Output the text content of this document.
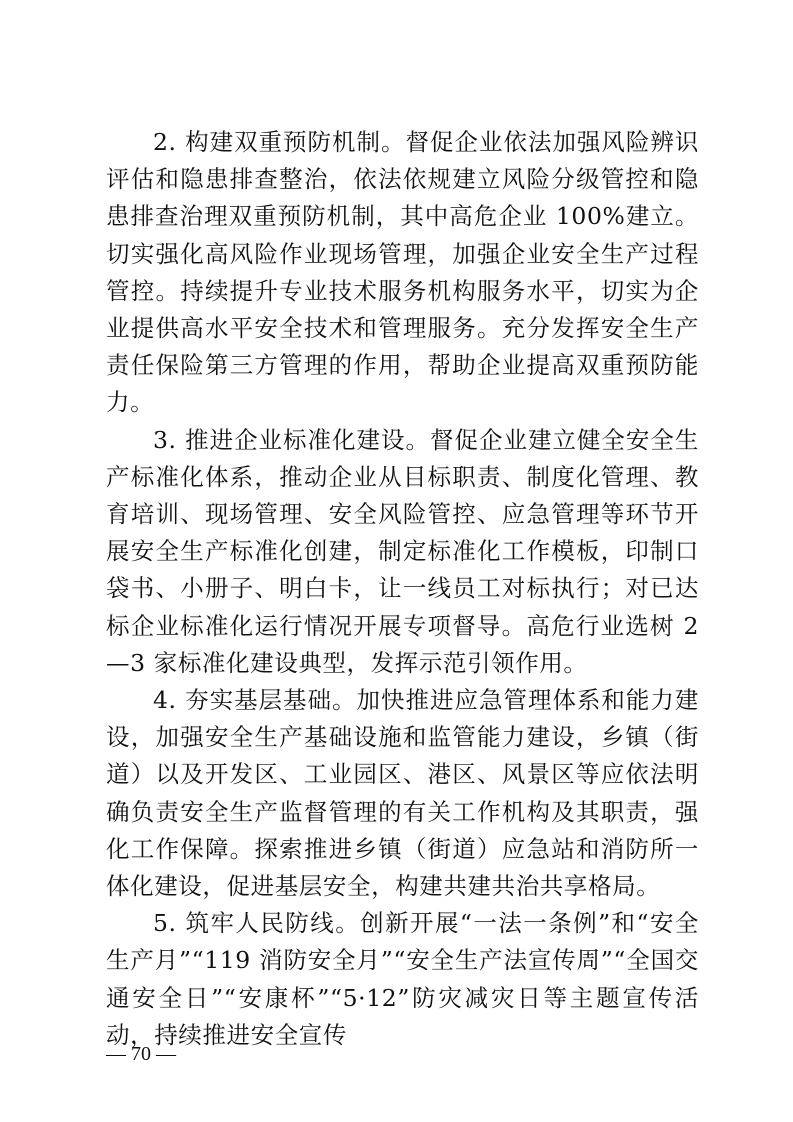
2. 构建双重预防机制。督促企业依法加强风险辨识评估和隐患排查整治，依法依规建立风险分级管控和隐患排查治理双重预防机制，其中高危企业 100%建立。切实强化高风险作业现场管理，加强企业安全生产过程管控。持续提升专业技术服务机构服务水平，切实为企业提供高水平安全技术和管理服务。充分发挥安全生产责任保险第三方管理的作用，帮助企业提高双重预防能力。

3. 推进企业标准化建设。督促企业建立健全安全生产标准化体系，推动企业从目标职责、制度化管理、教育培训、现场管理、安全风险管控、应急管理等环节开展安全生产标准化创建，制定标准化工作模板，印制口袋书、小册子、明白卡，让一线员工对标执行；对已达标企业标准化运行情况开展专项督导。高危行业选树 2—3 家标准化建设典型，发挥示范引领作用。

4. 夯实基层基础。加快推进应急管理体系和能力建设，加强安全生产基础设施和监管能力建设，乡镇（街道）以及开发区、工业园区、港区、风景区等应依法明确负责安全生产监督管理的有关工作机构及其职责，强化工作保障。探索推进乡镇（街道）应急站和消防所一体化建设，促进基层安全，构建共建共治共享格局。

5. 筑牢人民防线。创新开展“一法一条例”和“安全生产月”“119 消防安全月”“安全生产法宣传周”“全国交通安全日”“安康杯”“5·12”防灾减灾日等主题宣传活动，持续推进安全宣传

— 70 —
